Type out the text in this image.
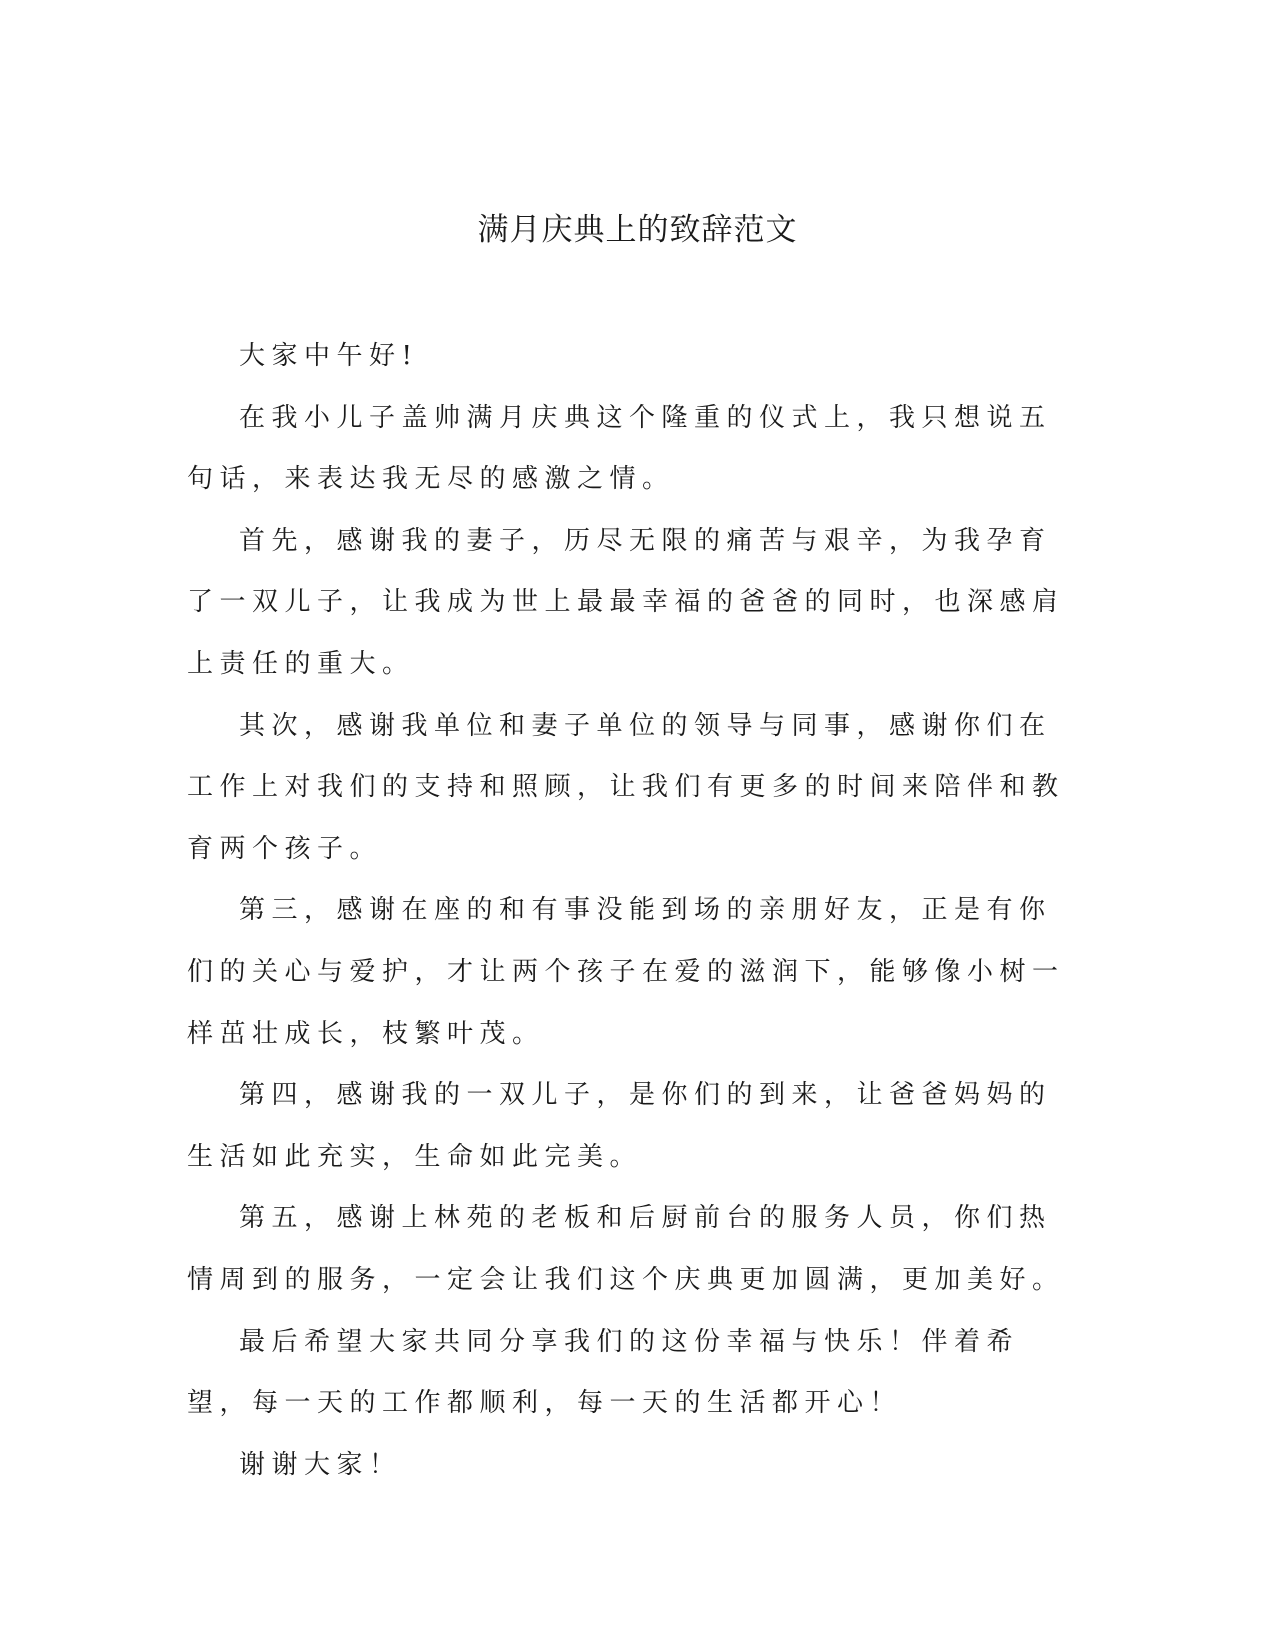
满月庆典上的致辞范文

大家中午好!

在我小儿子盖帅满月庆典这个隆重的仪式上，我只想说五句话，来表达我无尽的感激之情。

首先，感谢我的妻子，历尽无限的痛苦与艰辛，为我孕育了一双儿子，让我成为世上最最幸福的爸爸的同时，也深感肩上责任的重大。

其次，感谢我单位和妻子单位的领导与同事，感谢你们在工作上对我们的支持和照顾，让我们有更多的时间来陪伴和教育两个孩子。

第三，感谢在座的和有事没能到场的亲朋好友，正是有你们的关心与爱护，才让两个孩子在爱的滋润下，能够像小树一样茁壮成长，枝繁叶茂。

第四，感谢我的一双儿子，是你们的到来，让爸爸妈妈的生活如此充实，生命如此完美。

第五，感谢上林苑的老板和后厨前台的服务人员，你们热情周到的服务，一定会让我们这个庆典更加圆满，更加美好。

最后希望大家共同分享我们的这份幸福与快乐！伴着希望，每一天的工作都顺利，每一天的生活都开心！

谢谢大家！
